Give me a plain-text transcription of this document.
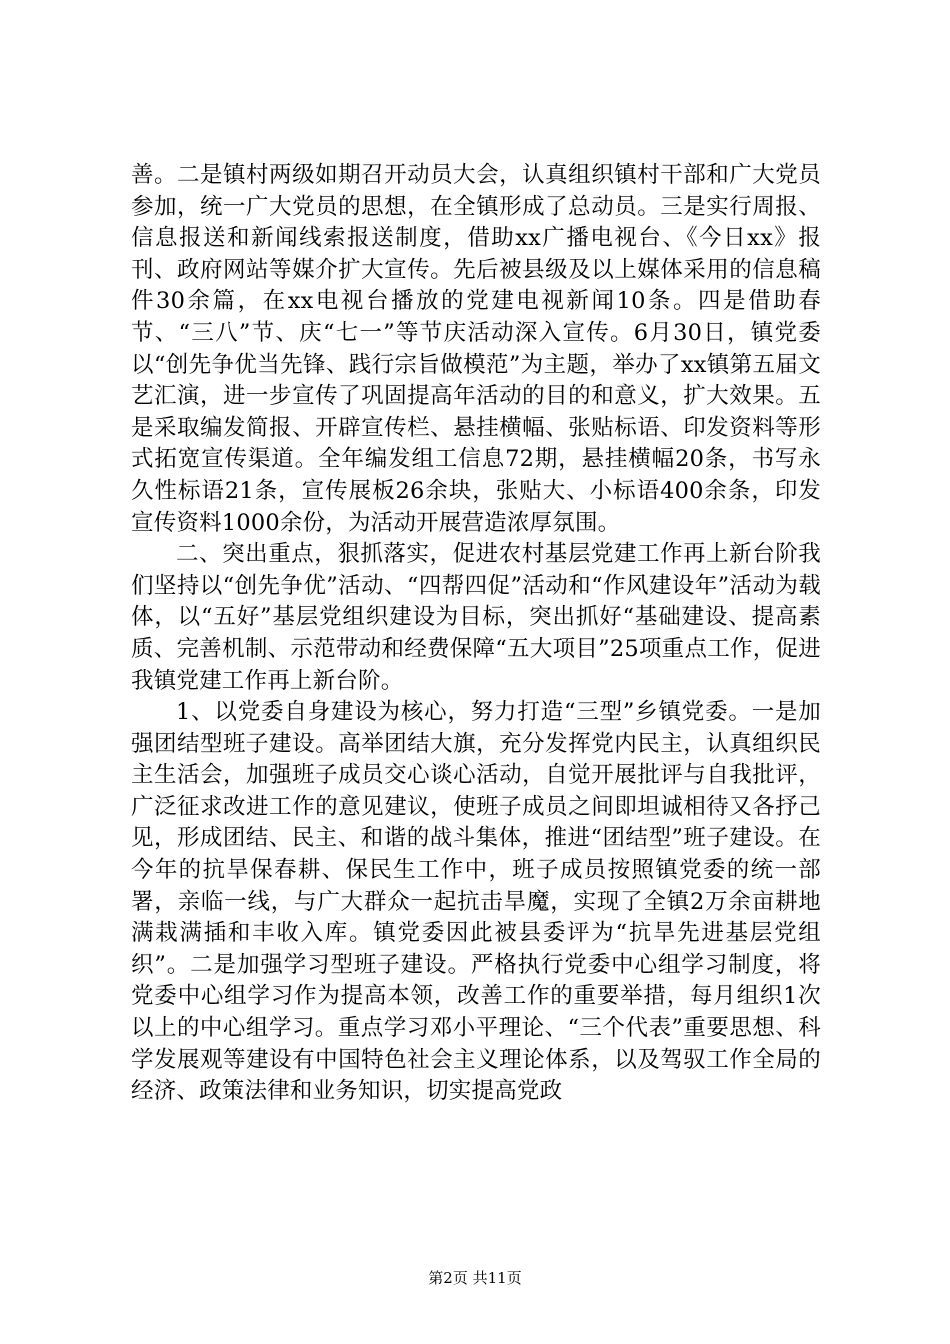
善。二是镇村两级如期召开动员大会，认真组织镇村干部和广大党员参加，统一广大党员的思想，在全镇形成了总动员。三是实行周报、信息报送和新闻线索报送制度，借助xx广播电视台、《今日xx》报刊、政府网站等媒介扩大宣传。先后被县级及以上媒体采用的信息稿件30余篇，在xx电视台播放的党建电视新闻10条。四是借助春节、“三八”节、庆“七一”等节庆活动深入宣传。6月30日，镇党委以“创先争优当先锋、践行宗旨做模范”为主题，举办了xx镇第五届文艺汇演，进一步宣传了巩固提高年活动的目的和意义，扩大效果。五是采取编发简报、开辟宣传栏、悬挂横幅、张贴标语、印发资料等形式拓宽宣传渠道。全年编发组工信息72期，悬挂横幅20条，书写永久性标语21条，宣传展板26余块，张贴大、小标语400余条，印发宣传资料1000余份，为活动开展营造浓厚氛围。

二、突出重点，狠抓落实，促进农村基层党建工作再上新台阶我们坚持以“创先争优”活动、“四帮四促”活动和“作风建设年”活动为载体，以“五好”基层党组织建设为目标，突出抓好“基础建设、提高素质、完善机制、示范带动和经费保障“五大项目”25项重点工作，促进我镇党建工作再上新台阶。

1、以党委自身建设为核心，努力打造“三型”乡镇党委。一是加强团结型班子建设。高举团结大旗，充分发挥党内民主，认真组织民主生活会，加强班子成员交心谈心活动，自觉开展批评与自我批评，广泛征求改进工作的意见建议，使班子成员之间即坦诚相待又各抒己见，形成团结、民主、和谐的战斗集体，推进“团结型”班子建设。在今年的抗旱保春耕、保民生工作中，班子成员按照镇党委的统一部署，亲临一线，与广大群众一起抗击旱魔，实现了全镇2万余亩耕地满栽满插和丰收入库。镇党委因此被县委评为“抗旱先进基层党组织”。二是加强学习型班子建设。严格执行党委中心组学习制度，将党委中心组学习作为提高本领，改善工作的重要举措，每月组织1次以上的中心组学习。重点学习邓小平理论、“三个代表”重要思想、科学发展观等建设有中国特色社会主义理论体系，以及驾驭工作全局的经济、政策法律和业务知识，切实提高党政

第2页 共11页
